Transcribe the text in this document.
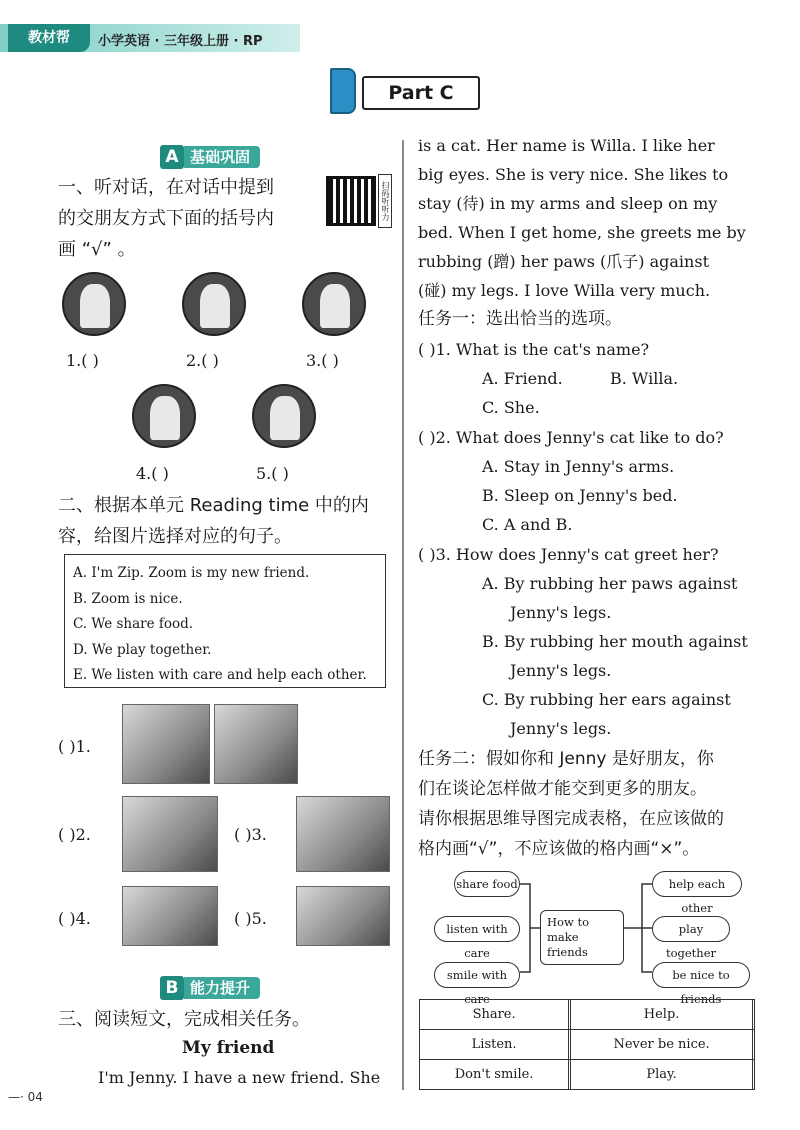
教材帮	小学英语 · 三年级上册 · RP
Part C
A 基础巩固
一、听对话，在对话中提到
的交朋友方式下面的括号内
画 “√” 。
扫码听听力
1.( )	2.( )	3.( )
4.( )	5.( )
二、根据本单元 Reading time 中的内
容，给图片选择对应的句子。
A. I'm Zip. Zoom is my new friend.
B. Zoom is nice.
C. We share food.
D. We play together.
E. We listen with care and help each other.
( )1.
( )2.	( )3.
( )4.	( )5.
B 能力提升
三、阅读短文，完成相关任务。
My friend
I'm Jenny. I have a new friend. She
is a cat. Her name is Willa. I like her
big eyes. She is very nice. She likes to
stay (待) in my arms and sleep on my
bed. When I get home, she greets me by
rubbing (蹭) her paws (爪子) against
(碰) my legs. I love Willa very much.
任务一：选出恰当的选项。
( )1. What is the cat's name?
A. Friend.	B. Willa.
C. She.
( )2. What does Jenny's cat like to do?
A. Stay in Jenny's arms.
B. Sleep on Jenny's bed.
C. A and B.
( )3. How does Jenny's cat greet her?
A. By rubbing her paws against
Jenny's legs.
B. By rubbing her mouth against
Jenny's legs.
C. By rubbing her ears against
Jenny's legs.
任务二：假如你和 Jenny 是好朋友，你
们在谈论怎样做才能交到更多的朋友。
请你根据思维导图完成表格，在应该做的
格内画“√”，不应该做的格内画“×”。
share food
listen with care
smile with care
How to make friends
help each other
play together
be nice to friends
Share.		Help.	
Listen.		Never be nice.	
Don't smile.		Play.	
—· 04
